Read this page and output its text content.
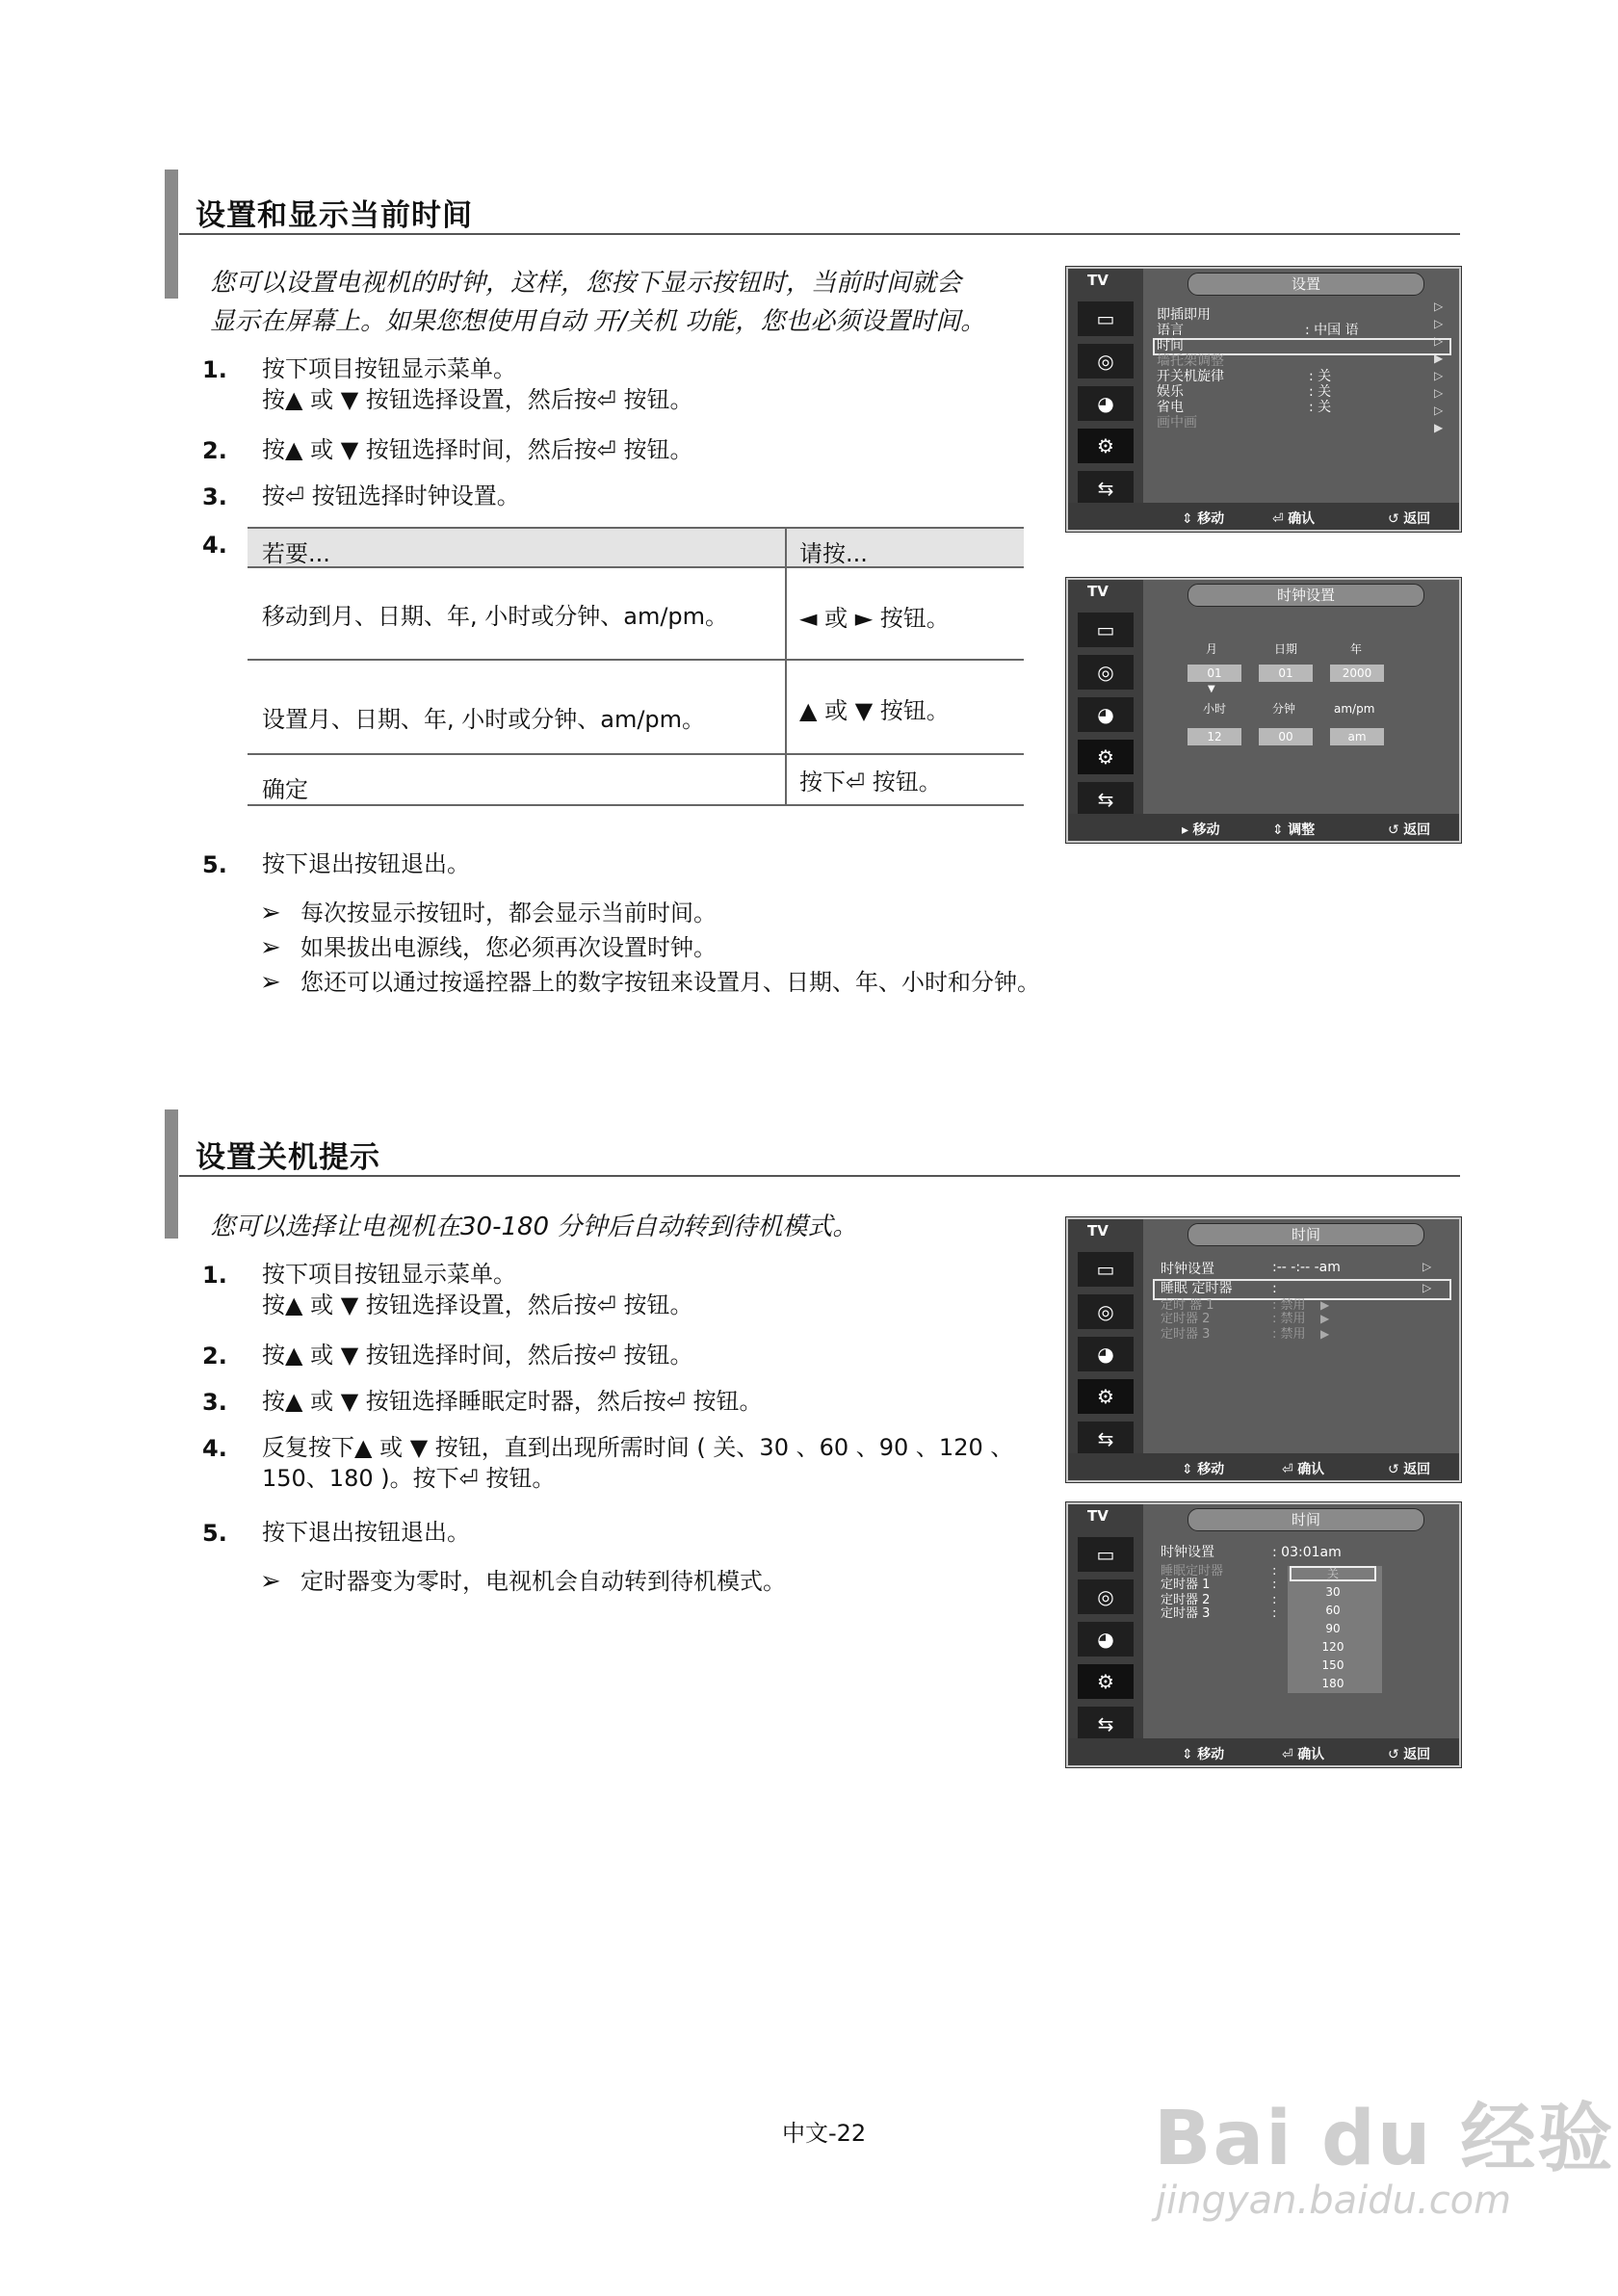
设置和显示当前时间
您可以设置电视机的时钟，这样，您按下显示按钮时，当前时间就会
显示在屏幕上。如果您想使用自动 开/关机 功能，您也必须设置时间。
1. 按下项目按钮显示菜单。
按▲ 或 ▼ 按钮选择设置，然后按⏎ 按钮。
2. 按▲ 或 ▼ 按钮选择时间，然后按⏎ 按钮。
3. 按⏎ 按钮选择时钟设置。
4. 若要...	请按...
移动到月、日期、年, 小时或分钟、am/pm。	◄ 或 ► 按钮。
设置月、日期、年, 小时或分钟、am/pm。	▲ 或 ▼ 按钮。
确定	按下⏎ 按钮。
5. 按下退出按钮退出。
➢ 每次按显示按钮时，都会显示当前时间。
➢ 如果拔出电源线，您必须再次设置时钟。
➢ 您还可以通过按遥控器上的数字按钮来设置月、日期、年、小时和分钟。
TV	设置
▭
◎
◕
⚙
⇆
即插即用
语言	: 中国 语
时间
墙托架调整
开关机旋律	: 关
娱乐	: 关
省电	: 关
画中画
▷
▷
▷
▶
▷
▷
▷
▶
⇕ 移动	⏎ 确认	↺ 返回
TV	时钟设置
▭
◎
◕
⚙
⇆
月	日期	年
01	01	2000
▼
小时	分钟	am/pm
12	00	am
▸ 移动	⇕ 调整	↺ 返回
设置关机提示
您可以选择让电视机在30-180 分钟后自动转到待机模式。
1. 按下项目按钮显示菜单。
按▲ 或 ▼ 按钮选择设置，然后按⏎ 按钮。
2. 按▲ 或 ▼ 按钮选择时间，然后按⏎ 按钮。
3. 按▲ 或 ▼ 按钮选择睡眠定时器，然后按⏎ 按钮。
4. 反复按下▲ 或 ▼ 按钮，直到出现所需时间 ( 关、30 、60 、90 、120 、
150、180 )。按下⏎ 按钮。
5. 按下退出按钮退出。
➢ 定时器变为零时，电视机会自动转到待机模式。
TV	时间
▭
◎
◕
⚙
⇆
时钟设置	:-- -:-- -am	▷
睡眠 定时器	:	▷
定时 器 1	: 禁用
定时器 2	: 禁用
定时器 3	: 禁用
▶
▶
▶
⇕ 移动	⏎ 确认	↺ 返回
TV	时间
▭
◎
◕
⚙
⇆
时钟设置	: 03:01am
睡眠定时器	:
定时器 1	:
定时器 2	:
定时器 3	:
关
30
60
90
120
150
180
⇕ 移动	⏎ 确认	↺ 返回
中文-22	Bai du 经验
jingyan.baidu.com
